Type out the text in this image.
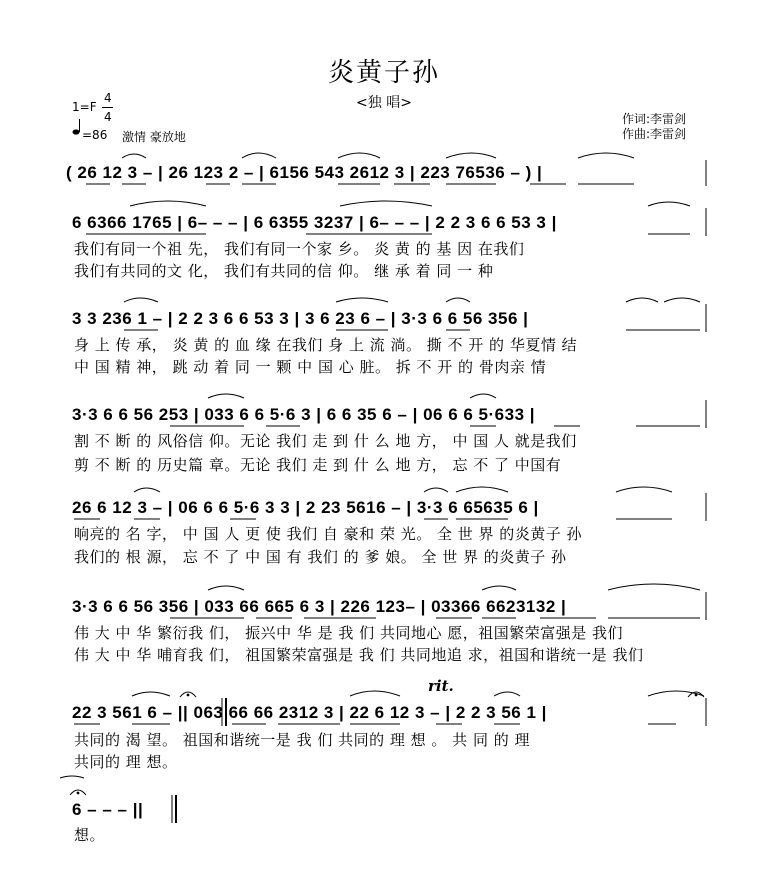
炎黄子孙
<独 唱>
1=F
4
4
=86 激情 豪放地
作词:李雷剑
作曲:李雷剑
( 26 12 3 – | 26 123 2 – | 6156 543 2612 3 | 223 76536 – ) |
6 6366 1765 | 6– – – | 6 6355 3237 | 6– – – | 2 2 3 6 6 53 3 |
我们有同一个祖 先， 我们有同一个家 乡。 炎 黄 的 基 因 在我们
我们有共同的文 化， 我们有共同的信 仰。 继 承 着 同 一 种
3 3 236 1 – | 2 2 3 6 6 53 3 | 3 6 23 6 – | 3·3 6 6 56 356 |
身 上 传 承， 炎 黄 的 血 缘 在我们 身 上 流 淌。 撕 不 开 的 华夏情 结
中 国 精 神， 跳 动 着 同 一 颗 中 国 心 脏。 拆 不 开 的 骨肉亲 情
3·3 6 6 56 253 | 033 6 6 5·6 3 | 6 6 35 6 – | 06 6 6 5·633 |
割 不 断 的 风俗信 仰。无论 我们 走 到 什 么 地 方， 中 国 人 就是我们
剪 不 断 的 历史篇 章。无论 我们 走 到 什 么 地 方， 忘 不 了 中国有
26 6 12 3 – | 06 6 6 5·6 3 3 | 2 23 5616 – | 3·3 6 65635 6 |
响亮的 名 字， 中 国 人 更 使 我们 自 豪和 荣 光。 全 世 界 的炎黄子 孙
我们的 根 源， 忘 不 了 中 国 有 我们 的 爹 娘。 全 世 界 的炎黄子 孙
3·3 6 6 56 356 | 033 66 665 6 3 | 226 123– | 03366 6623132 |
伟 大 中 华 繁衍我 们， 振兴中 华 是 我 们 共同地心 愿，祖国繁荣富强是 我们
伟 大 中 华 哺育我 们， 祖国繁荣富强是 我 们 共同地追 求，祖国和谐统一是 我们
rit.
22 3 561 6 – || 063 66 66 2312 3 | 22 6 12 3 – | 2 2 3 56 1 |
共同的 渴 望。 祖国和谐统一是 我 们 共同的 理 想 。 共 同 的 理
共同的 理 想。
6 – – – ||
想。
